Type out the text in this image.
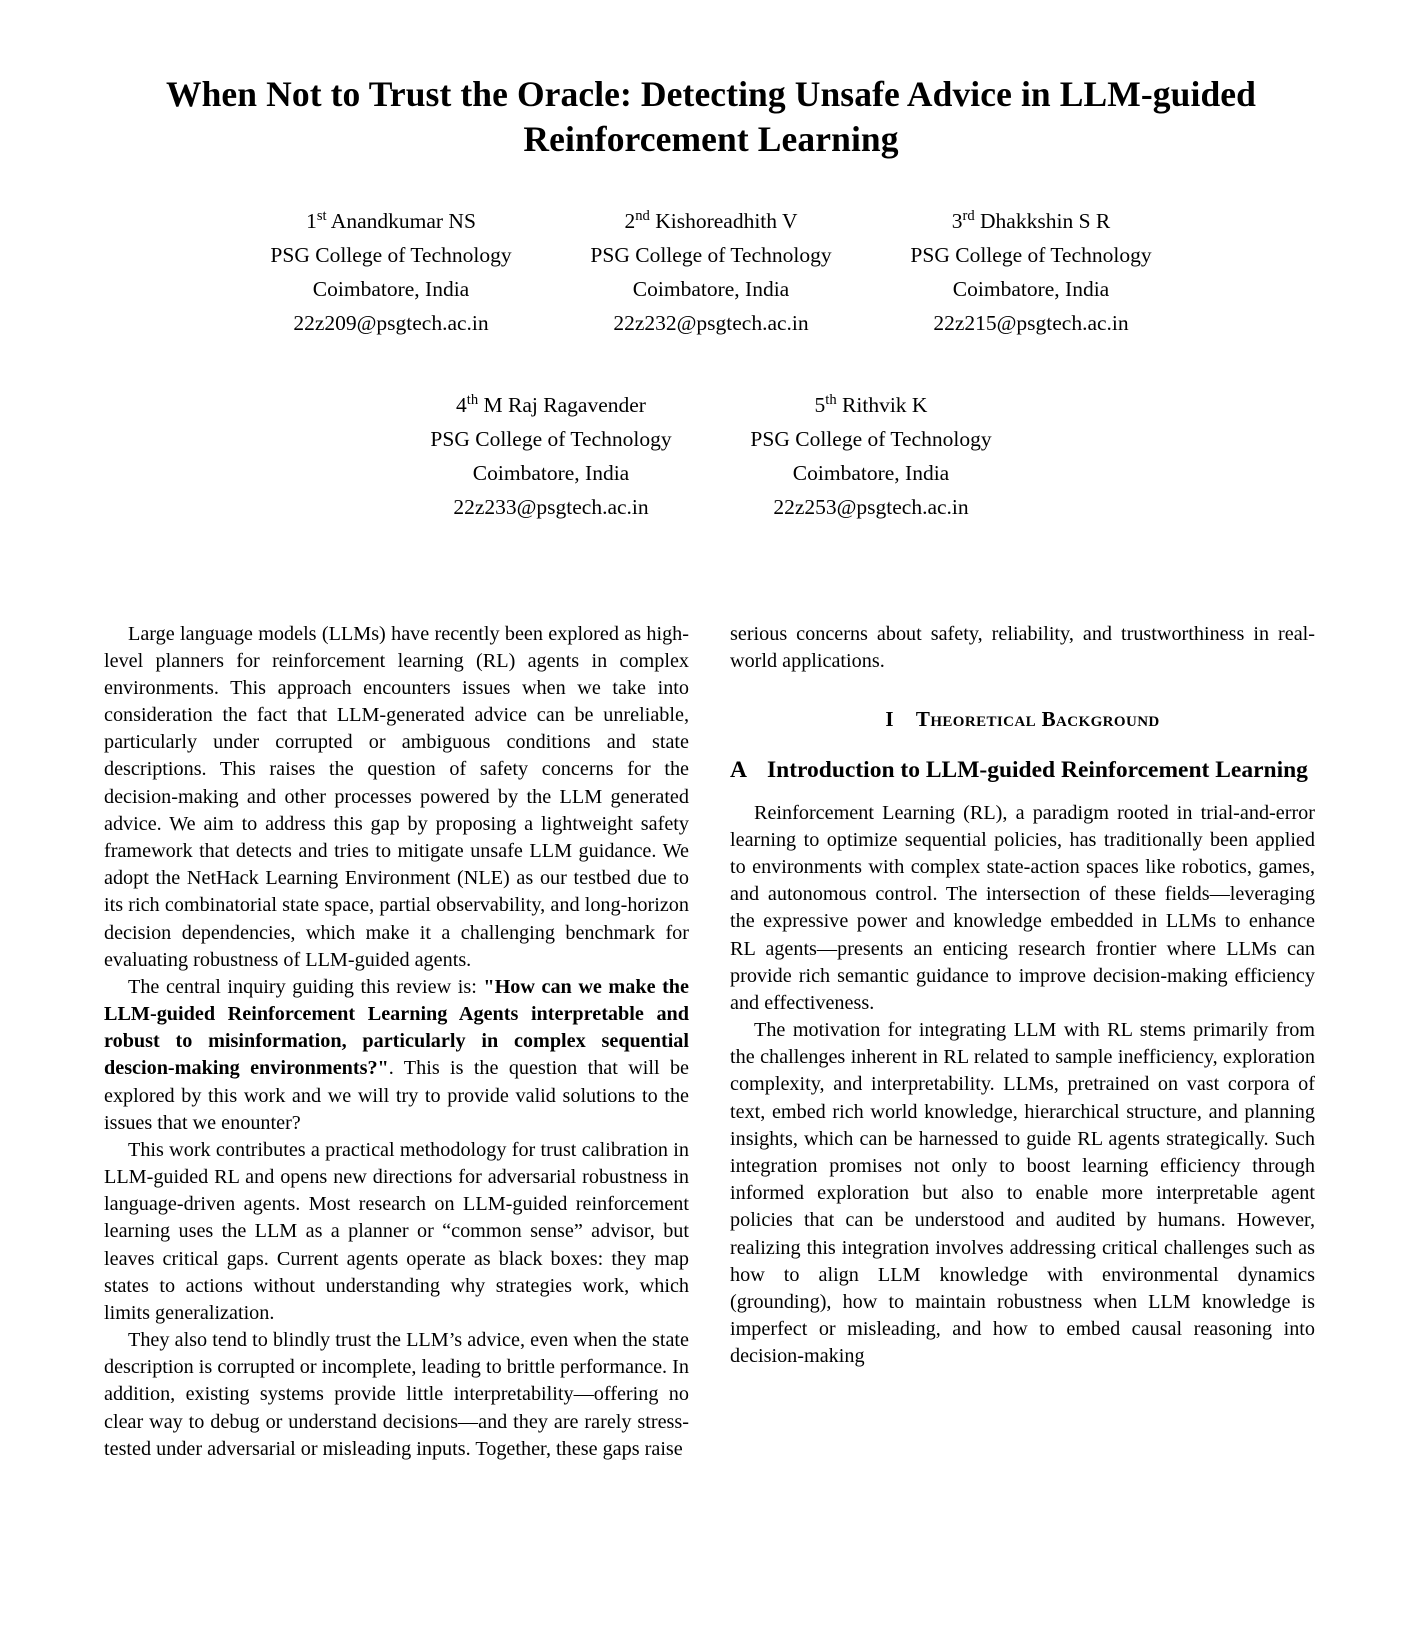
When Not to Trust the Oracle: Detecting Unsafe Advice in LLM-guided Reinforcement Learning
1st Anandkumar NS
PSG College of Technology
Coimbatore, India
22z209@psgtech.ac.in
2nd Kishoreadhith V
PSG College of Technology
Coimbatore, India
22z232@psgtech.ac.in
3rd Dhakkshin S R
PSG College of Technology
Coimbatore, India
22z215@psgtech.ac.in
4th M Raj Ragavender
PSG College of Technology
Coimbatore, India
22z233@psgtech.ac.in
5th Rithvik K
PSG College of Technology
Coimbatore, India
22z253@psgtech.ac.in

Large language models (LLMs) have recently been explored as high-level planners for reinforcement learning (RL) agents in complex environments. This approach encounters issues when we take into consideration the fact that LLM-generated advice can be unreliable, particularly under corrupted or ambiguous conditions and state descriptions. This raises the question of safety concerns for the decision-making and other processes powered by the LLM generated advice. We aim to address this gap by proposing a lightweight safety framework that detects and tries to mitigate unsafe LLM guidance. We adopt the NetHack Learning Environment (NLE) as our testbed due to its rich combinatorial state space, partial observability, and long-horizon decision dependencies, which make it a challenging benchmark for evaluating robustness of LLM-guided agents.

The central inquiry guiding this review is: "How can we make the LLM-guided Reinforcement Learning Agents interpretable and robust to misinformation, particularly in complex sequential descion-making environments?". This is the question that will be explored by this work and we will try to provide valid solutions to the issues that we enounter?

This work contributes a practical methodology for trust calibration in LLM-guided RL and opens new directions for adversarial robustness in language-driven agents. Most research on LLM-guided reinforcement learning uses the LLM as a planner or “common sense” advisor, but leaves critical gaps. Current agents operate as black boxes: they map states to actions without understanding why strategies work, which limits generalization.

They also tend to blindly trust the LLM’s advice, even when the state description is corrupted or incomplete, leading to brittle performance. In addition, existing systems provide little interpretability—offering no clear way to debug or understand decisions—and they are rarely stress-tested under adversarial or misleading inputs. Together, these gaps raise

serious concerns about safety, reliability, and trustworthiness in real-world applications.

I Theoretical Background
A Introduction to LLM-guided Reinforcement Learning

Reinforcement Learning (RL), a paradigm rooted in trial-and-error learning to optimize sequential policies, has traditionally been applied to environments with complex state-action spaces like robotics, games, and autonomous control. The intersection of these fields—leveraging the expressive power and knowledge embedded in LLMs to enhance RL agents—presents an enticing research frontier where LLMs can provide rich semantic guidance to improve decision-making efficiency and effectiveness.

The motivation for integrating LLM with RL stems primarily from the challenges inherent in RL related to sample inefficiency, exploration complexity, and interpretability. LLMs, pretrained on vast corpora of text, embed rich world knowledge, hierarchical structure, and planning insights, which can be harnessed to guide RL agents strategically. Such integration promises not only to boost learning efficiency through informed exploration but also to enable more interpretable agent policies that can be understood and audited by humans. However, realizing this integration involves addressing critical challenges such as how to align LLM knowledge with environmental dynamics (grounding), how to maintain robustness when LLM knowledge is imperfect or misleading, and how to embed causal reasoning into decision-making
